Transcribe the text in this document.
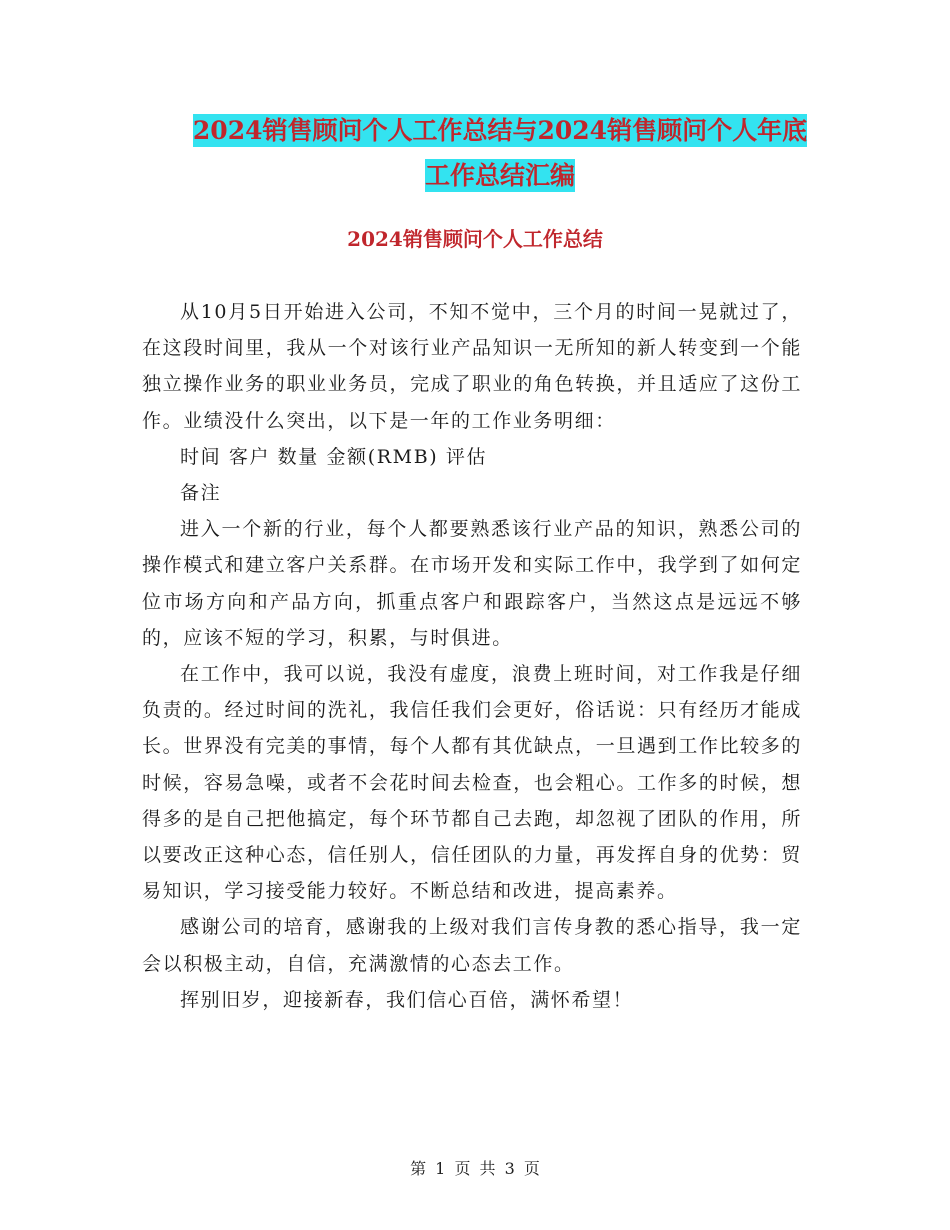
2024销售顾问个人工作总结与2024销售顾问个人年底
工作总结汇编
2024销售顾问个人工作总结

从10月5日开始进入公司，不知不觉中，三个月的时间一晃就过了，在这段时间里，我从一个对该行业产品知识一无所知的新人转变到一个能独立操作业务的职业业务员，完成了职业的角色转换，并且适应了这份工作。业绩没什么突出，以下是一年的工作业务明细：

时间 客户 数量 金额(RMB) 评估

备注

进入一个新的行业，每个人都要熟悉该行业产品的知识，熟悉公司的操作模式和建立客户关系群。在市场开发和实际工作中，我学到了如何定位市场方向和产品方向，抓重点客户和跟踪客户，当然这点是远远不够的，应该不短的学习，积累，与时俱进。

在工作中，我可以说，我没有虚度，浪费上班时间，对工作我是仔细负责的。经过时间的洗礼，我信任我们会更好，俗话说：只有经历才能成长。世界没有完美的事情，每个人都有其优缺点，一旦遇到工作比较多的时候，容易急噪，或者不会花时间去检查，也会粗心。工作多的时候，想得多的是自己把他搞定，每个环节都自己去跑，却忽视了团队的作用，所以要改正这种心态，信任别人，信任团队的力量，再发挥自身的优势：贸易知识，学习接受能力较好。不断总结和改进，提高素养。

感谢公司的培育，感谢我的上级对我们言传身教的悉心指导，我一定会以积极主动，自信，充满激情的心态去工作。

挥别旧岁，迎接新春，我们信心百倍，满怀希望！

第 1 页 共 3 页
